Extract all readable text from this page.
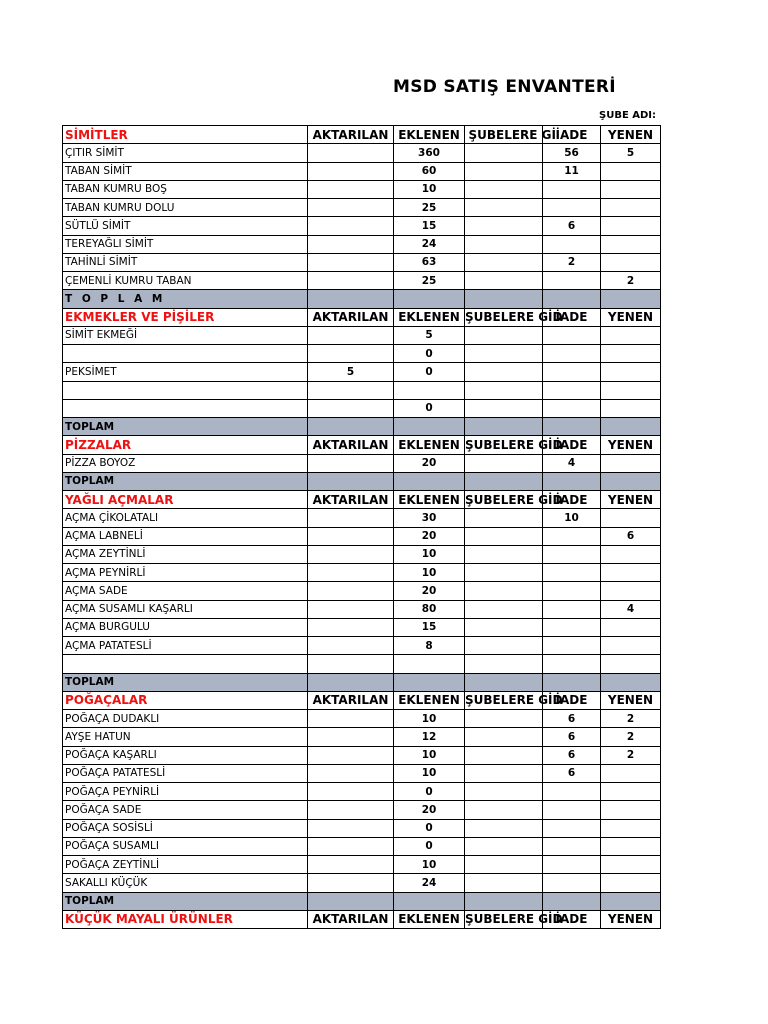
MSD SATIŞ ENVANTERİ
ŞUBE ADI:
SİMİTLER	AKTARILAN	EKLENEN	ŞUBELERE Gİ	İADE	YENEN
ÇITIR SİMİT		360		56	5
TABAN SİMİT		60		11	
TABAN KUMRU BOŞ		10			
TABAN KUMRU DOLU		25			
SÜTLÜ SİMİT		15		6	
TEREYAĞLI SİMİT		24			
TAHİNLİ SİMİT		63		2	
ÇEMENLİ KUMRU TABAN		25			2
T O P L A M					
EKMEKLER VE PİŞİLER	AKTARILAN	EKLENEN	ŞUBELERE GİD	İADE	YENEN
SİMİT EKMEĞİ		5			
		0			
PEKSİMET	5	0			

		0			
TOPLAM					
PİZZALAR	AKTARILAN	EKLENEN	ŞUBELERE GİD	İADE	YENEN
PİZZA BOYOZ		20		4	
TOPLAM					
YAĞLI AÇMALAR	AKTARILAN	EKLENEN	ŞUBELERE GİD	İADE	YENEN
AÇMA ÇİKOLATALI		30		10	
AÇMA LABNELİ		20			6
AÇMA ZEYTİNLİ		10			
AÇMA PEYNİRLİ		10			
AÇMA SADE		20			
AÇMA SUSAMLI KAŞARLI		80			4
AÇMA BURGULU		15			
AÇMA PATATESLİ		8			

TOPLAM					
POĞAÇALAR	AKTARILAN	EKLENEN	ŞUBELERE GİD	İADE	YENEN
POĞAÇA DUDAKLI		10		6	2
AYŞE HATUN		12		6	2
POĞAÇA KAŞARLI		10		6	2
POĞAÇA PATATESLİ		10		6	
POĞAÇA PEYNİRLİ		0			
POĞAÇA SADE		20			
POĞAÇA SOSİSLİ		0			
POĞAÇA SUSAMLI		0			
POĞAÇA ZEYTİNLİ		10			
SAKALLI KÜÇÜK		24			
TOPLAM					
KÜÇÜK MAYALI ÜRÜNLER	AKTARILAN	EKLENEN	ŞUBELERE GİD	İADE	YENEN
